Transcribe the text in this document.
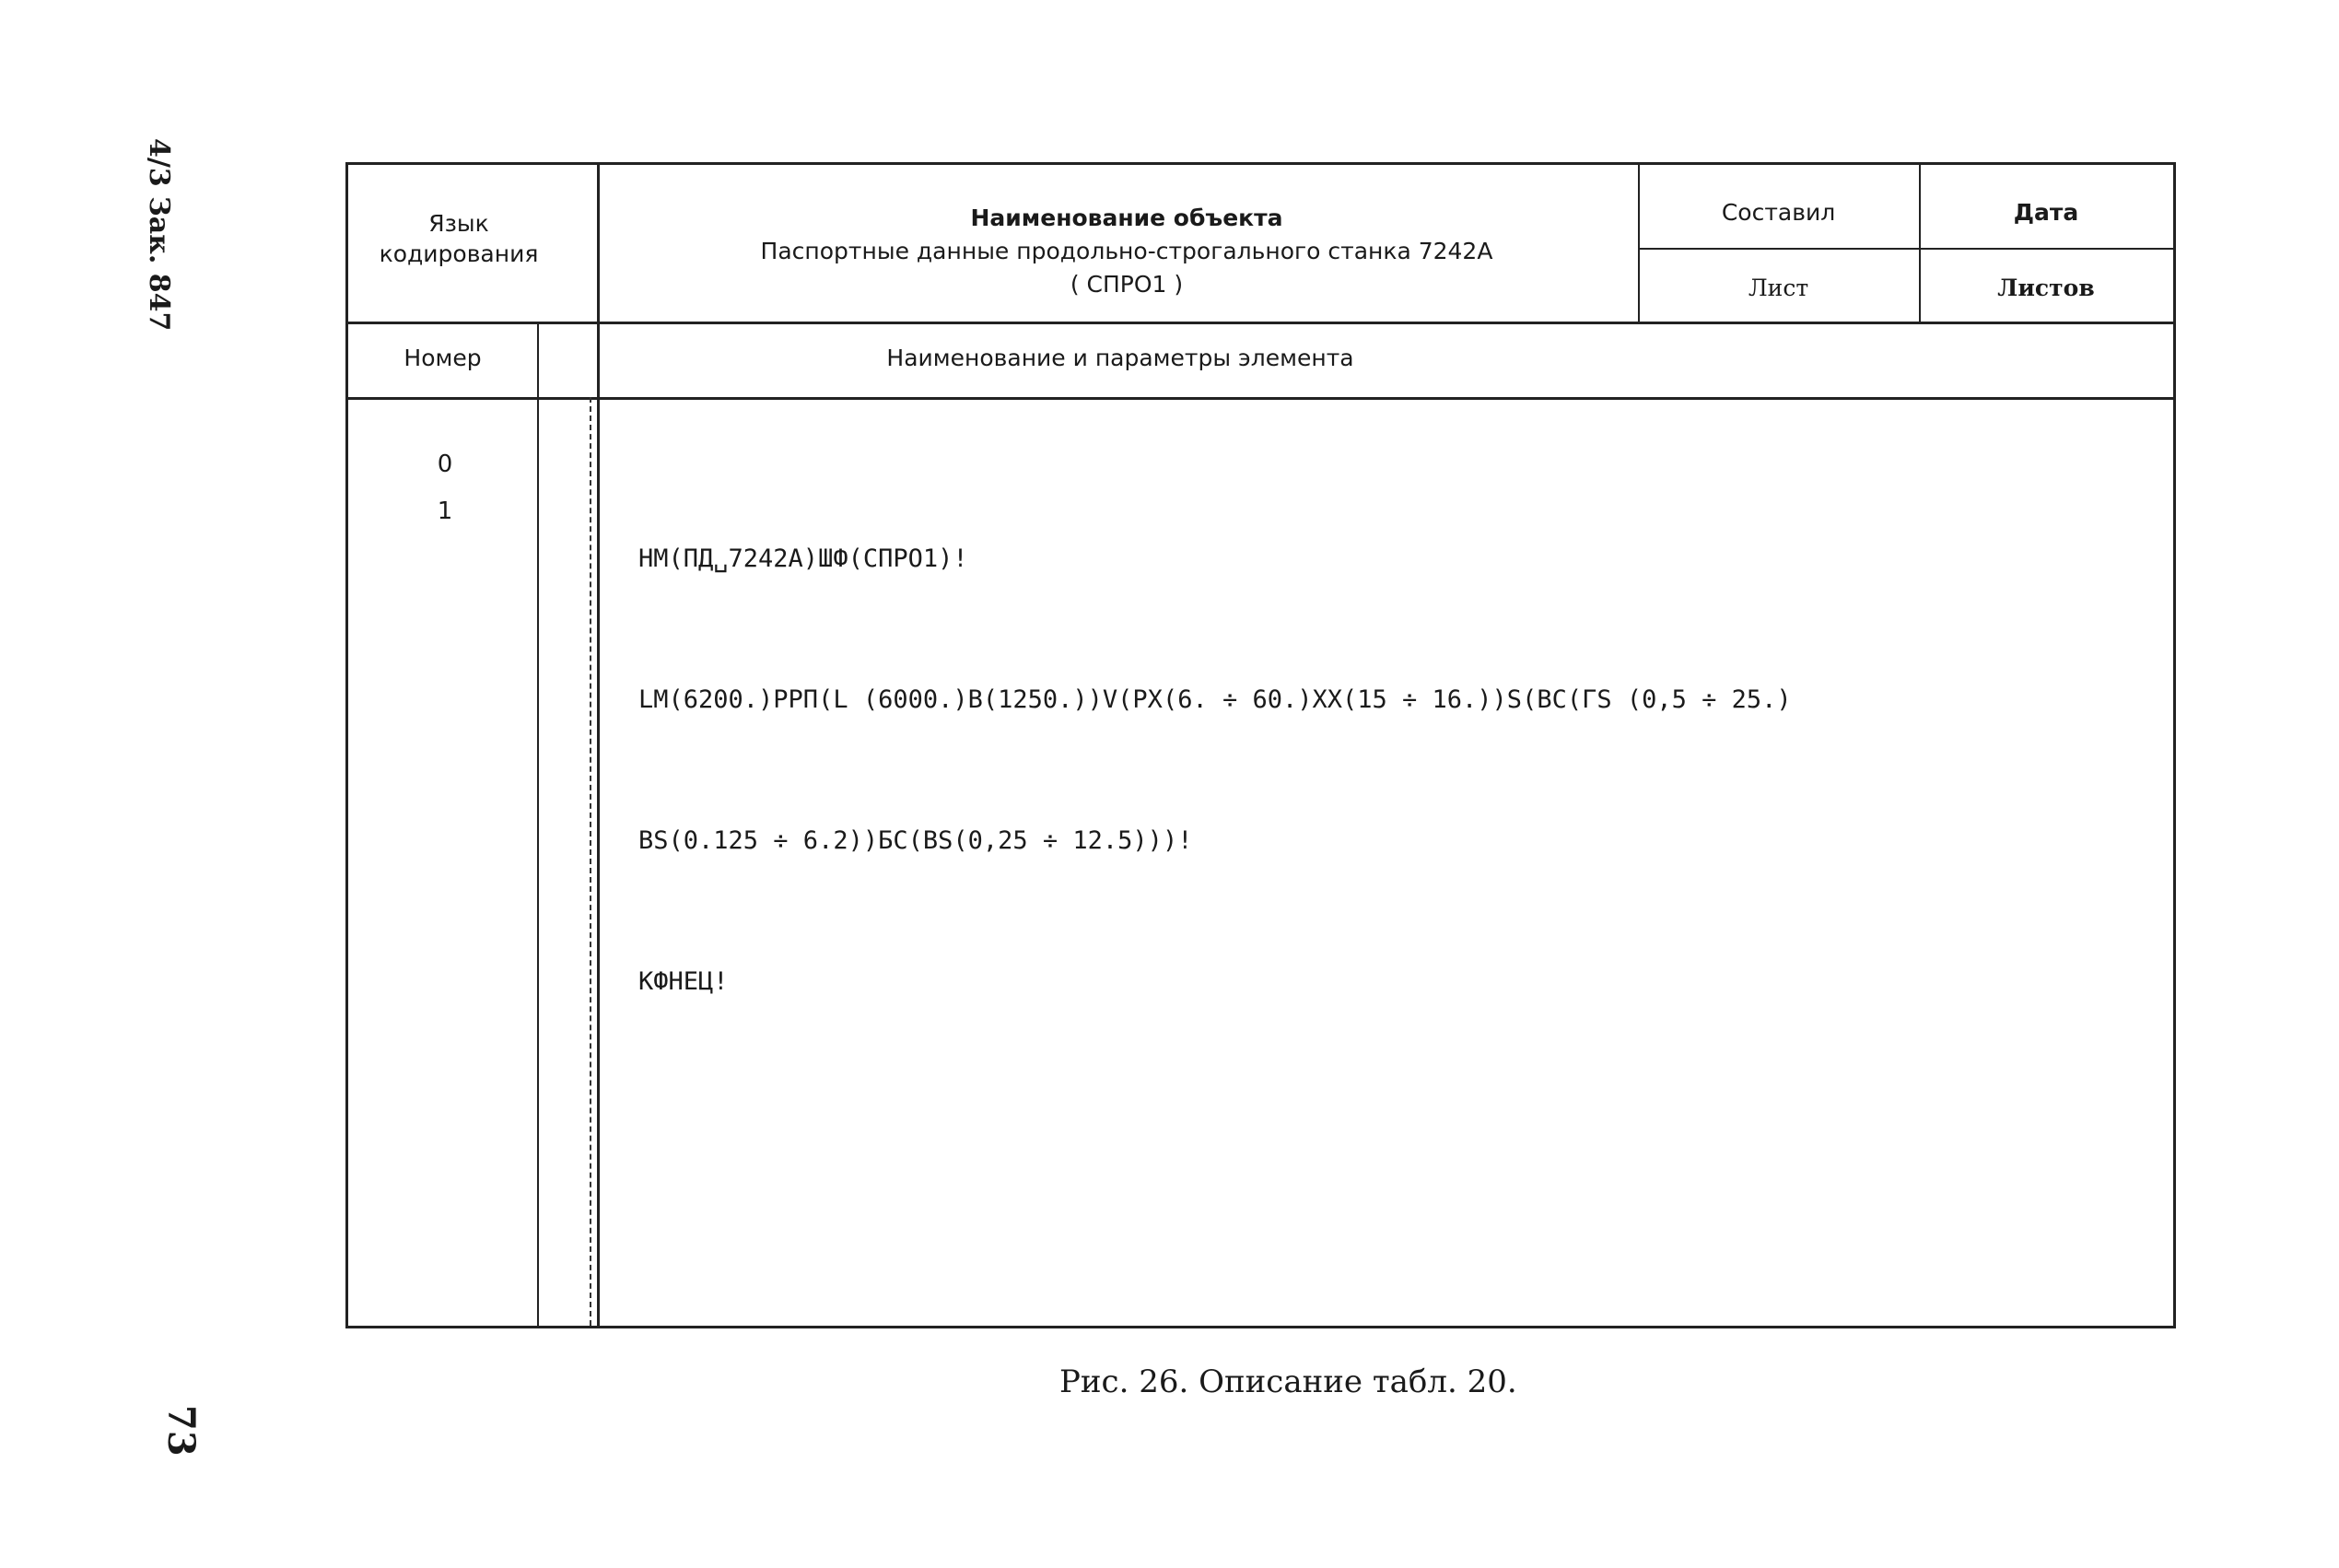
4/3 Зак. 847
73
Язык кодирования
Наименование объекта
Паспортные данные продольно-строгального станка 7242А
( СПРО1 )
Составил	Дата
Лист	Листов
Номер	Наименование и параметры элемента
0
1

НМ(ПД␣7242А)ШФ(СПРО1)!

LМ(6200.)РРП(L (6000.)В(1250.))V(РХ(6. ÷ 60.)ХХ(15 ÷ 16.))S(ВС(ГS (0,5 ÷ 25.)

ВS(0.125 ÷ 6.2))БС(ВS(0,25 ÷ 12.5)))!

КФНЕЦ!

Рис. 26. Описание табл. 20.
